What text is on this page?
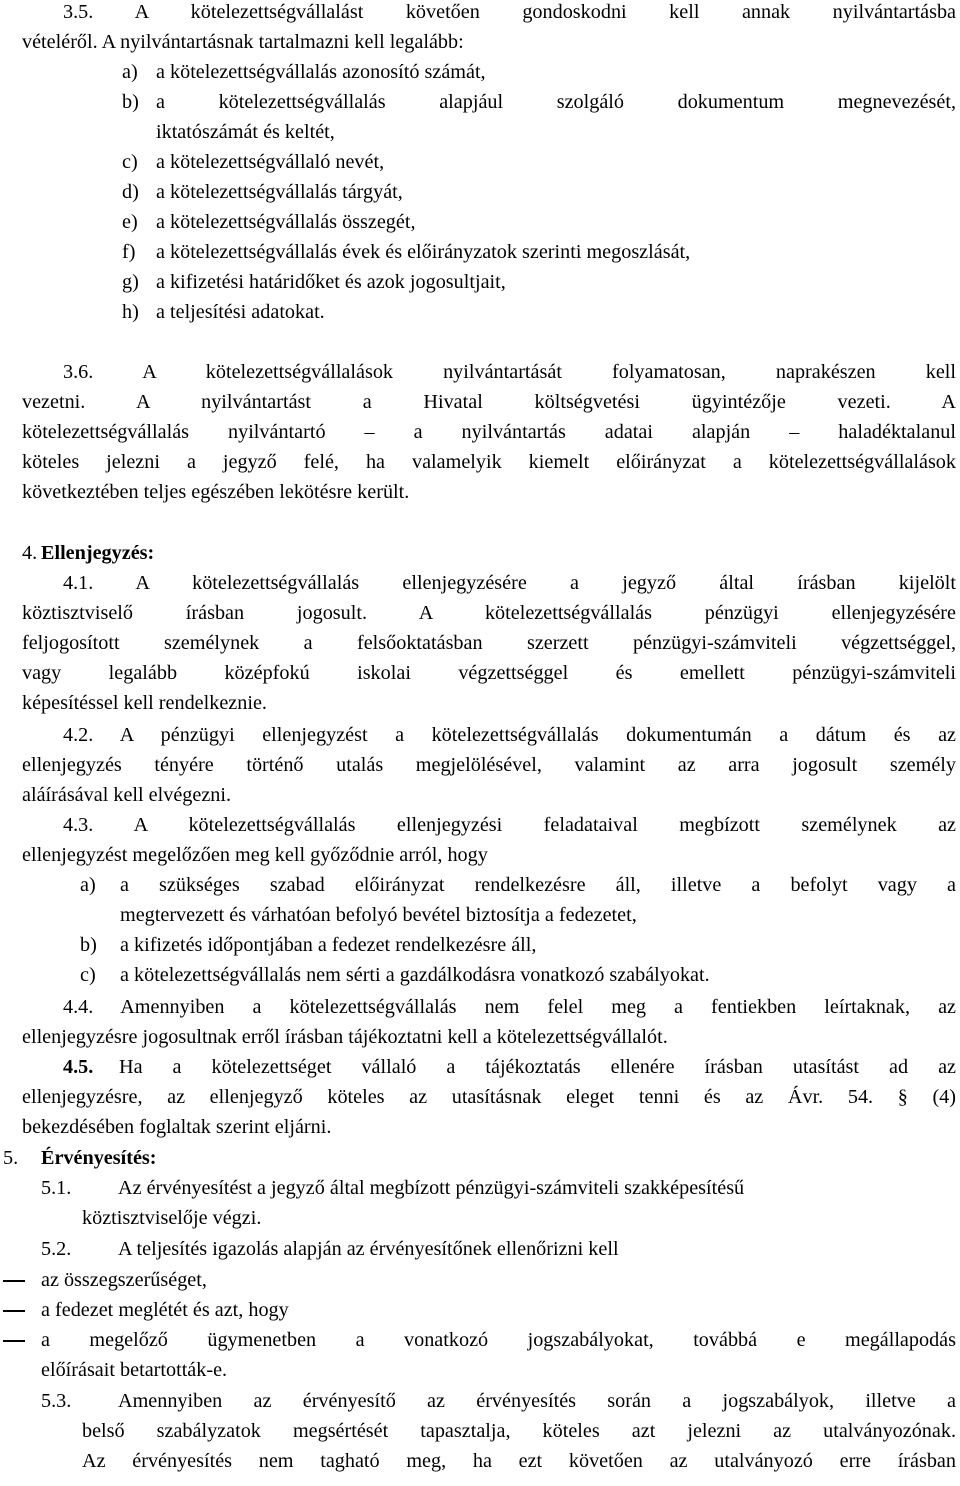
3.5. A kötelezettségvállalást követően gondoskodni kell annak nyilvántartásba
vételéről. A nyilvántartásnak tartalmazni kell legalább:
a) a kötelezettségvállalás azonosító számát,
b) a kötelezettségvállalás alapjául szolgáló dokumentum megnevezését,
iktatószámát és keltét,
c) a kötelezettségvállaló nevét,
d) a kötelezettségvállalás tárgyát,
e) a kötelezettségvállalás összegét,
f) a kötelezettségvállalás évek és előirányzatok szerinti megoszlását,
g) a kifizetési határidőket és azok jogosultjait,
h) a teljesítési adatokat.
3.6. A kötelezettségvállalások nyilvántartását folyamatosan, naprakészen kell
vezetni. A nyilvántartást a Hivatal költségvetési ügyintézője vezeti. A
kötelezettségvállalás nyilvántartó – a nyilvántartás adatai alapján – haladéktalanul
köteles jelezni a jegyző felé, ha valamelyik kiemelt előirányzat a kötelezettségvállalások
következtében teljes egészében lekötésre került.
4. Ellenjegyzés:
4.1. A kötelezettségvállalás ellenjegyzésére a jegyző által írásban kijelölt
köztisztviselő írásban jogosult. A kötelezettségvállalás pénzügyi ellenjegyzésére
feljogosított személynek a felsőoktatásban szerzett pénzügyi-számviteli végzettséggel,
vagy legalább középfokú iskolai végzettséggel és emellett pénzügyi-számviteli
képesítéssel kell rendelkeznie.
4.2. A pénzügyi ellenjegyzést a kötelezettségvállalás dokumentumán a dátum és az
ellenjegyzés tényére történő utalás megjelölésével, valamint az arra jogosult személy
aláírásával kell elvégezni.
4.3. A kötelezettségvállalás ellenjegyzési feladataival megbízott személynek az
ellenjegyzést megelőzően meg kell győződnie arról, hogy
a) a szükséges szabad előirányzat rendelkezésre áll, illetve a befolyt vagy a
megtervezett és várhatóan befolyó bevétel biztosítja a fedezetet,
b) a kifizetés időpontjában a fedezet rendelkezésre áll,
c) a kötelezettségvállalás nem sérti a gazdálkodásra vonatkozó szabályokat.
4.4. Amennyiben a kötelezettségvállalás nem felel meg a fentiekben leírtaknak, az
ellenjegyzésre jogosultnak erről írásban tájékoztatni kell a kötelezettségvállalót.
4.5. Ha a kötelezettséget vállaló a tájékoztatás ellenére írásban utasítást ad az
ellenjegyzésre, az ellenjegyző köteles az utasításnak eleget tenni és az Ávr. 54. § (4)
bekezdésében foglaltak szerint eljárni.
5. Érvényesítés:
5.1. Az érvényesítést a jegyző által megbízott pénzügyi-számviteli szakképesítésű
köztisztviselője végzi.
5.2. A teljesítés igazolás alapján az érvényesítőnek ellenőrizni kell
az összegszerűséget,
a fedezet meglétét és azt, hogy
a megelőző ügymenetben a vonatkozó jogszabályokat, továbbá e megállapodás
előírásait betartották-e.
5.3. Amennyiben az érvényesítő az érvényesítés során a jogszabályok, illetve a
belső szabályzatok megsértését tapasztalja, köteles azt jelezni az utalványozónak.
Az érvényesítés nem tagható meg, ha ezt követően az utalványozó erre írásban
